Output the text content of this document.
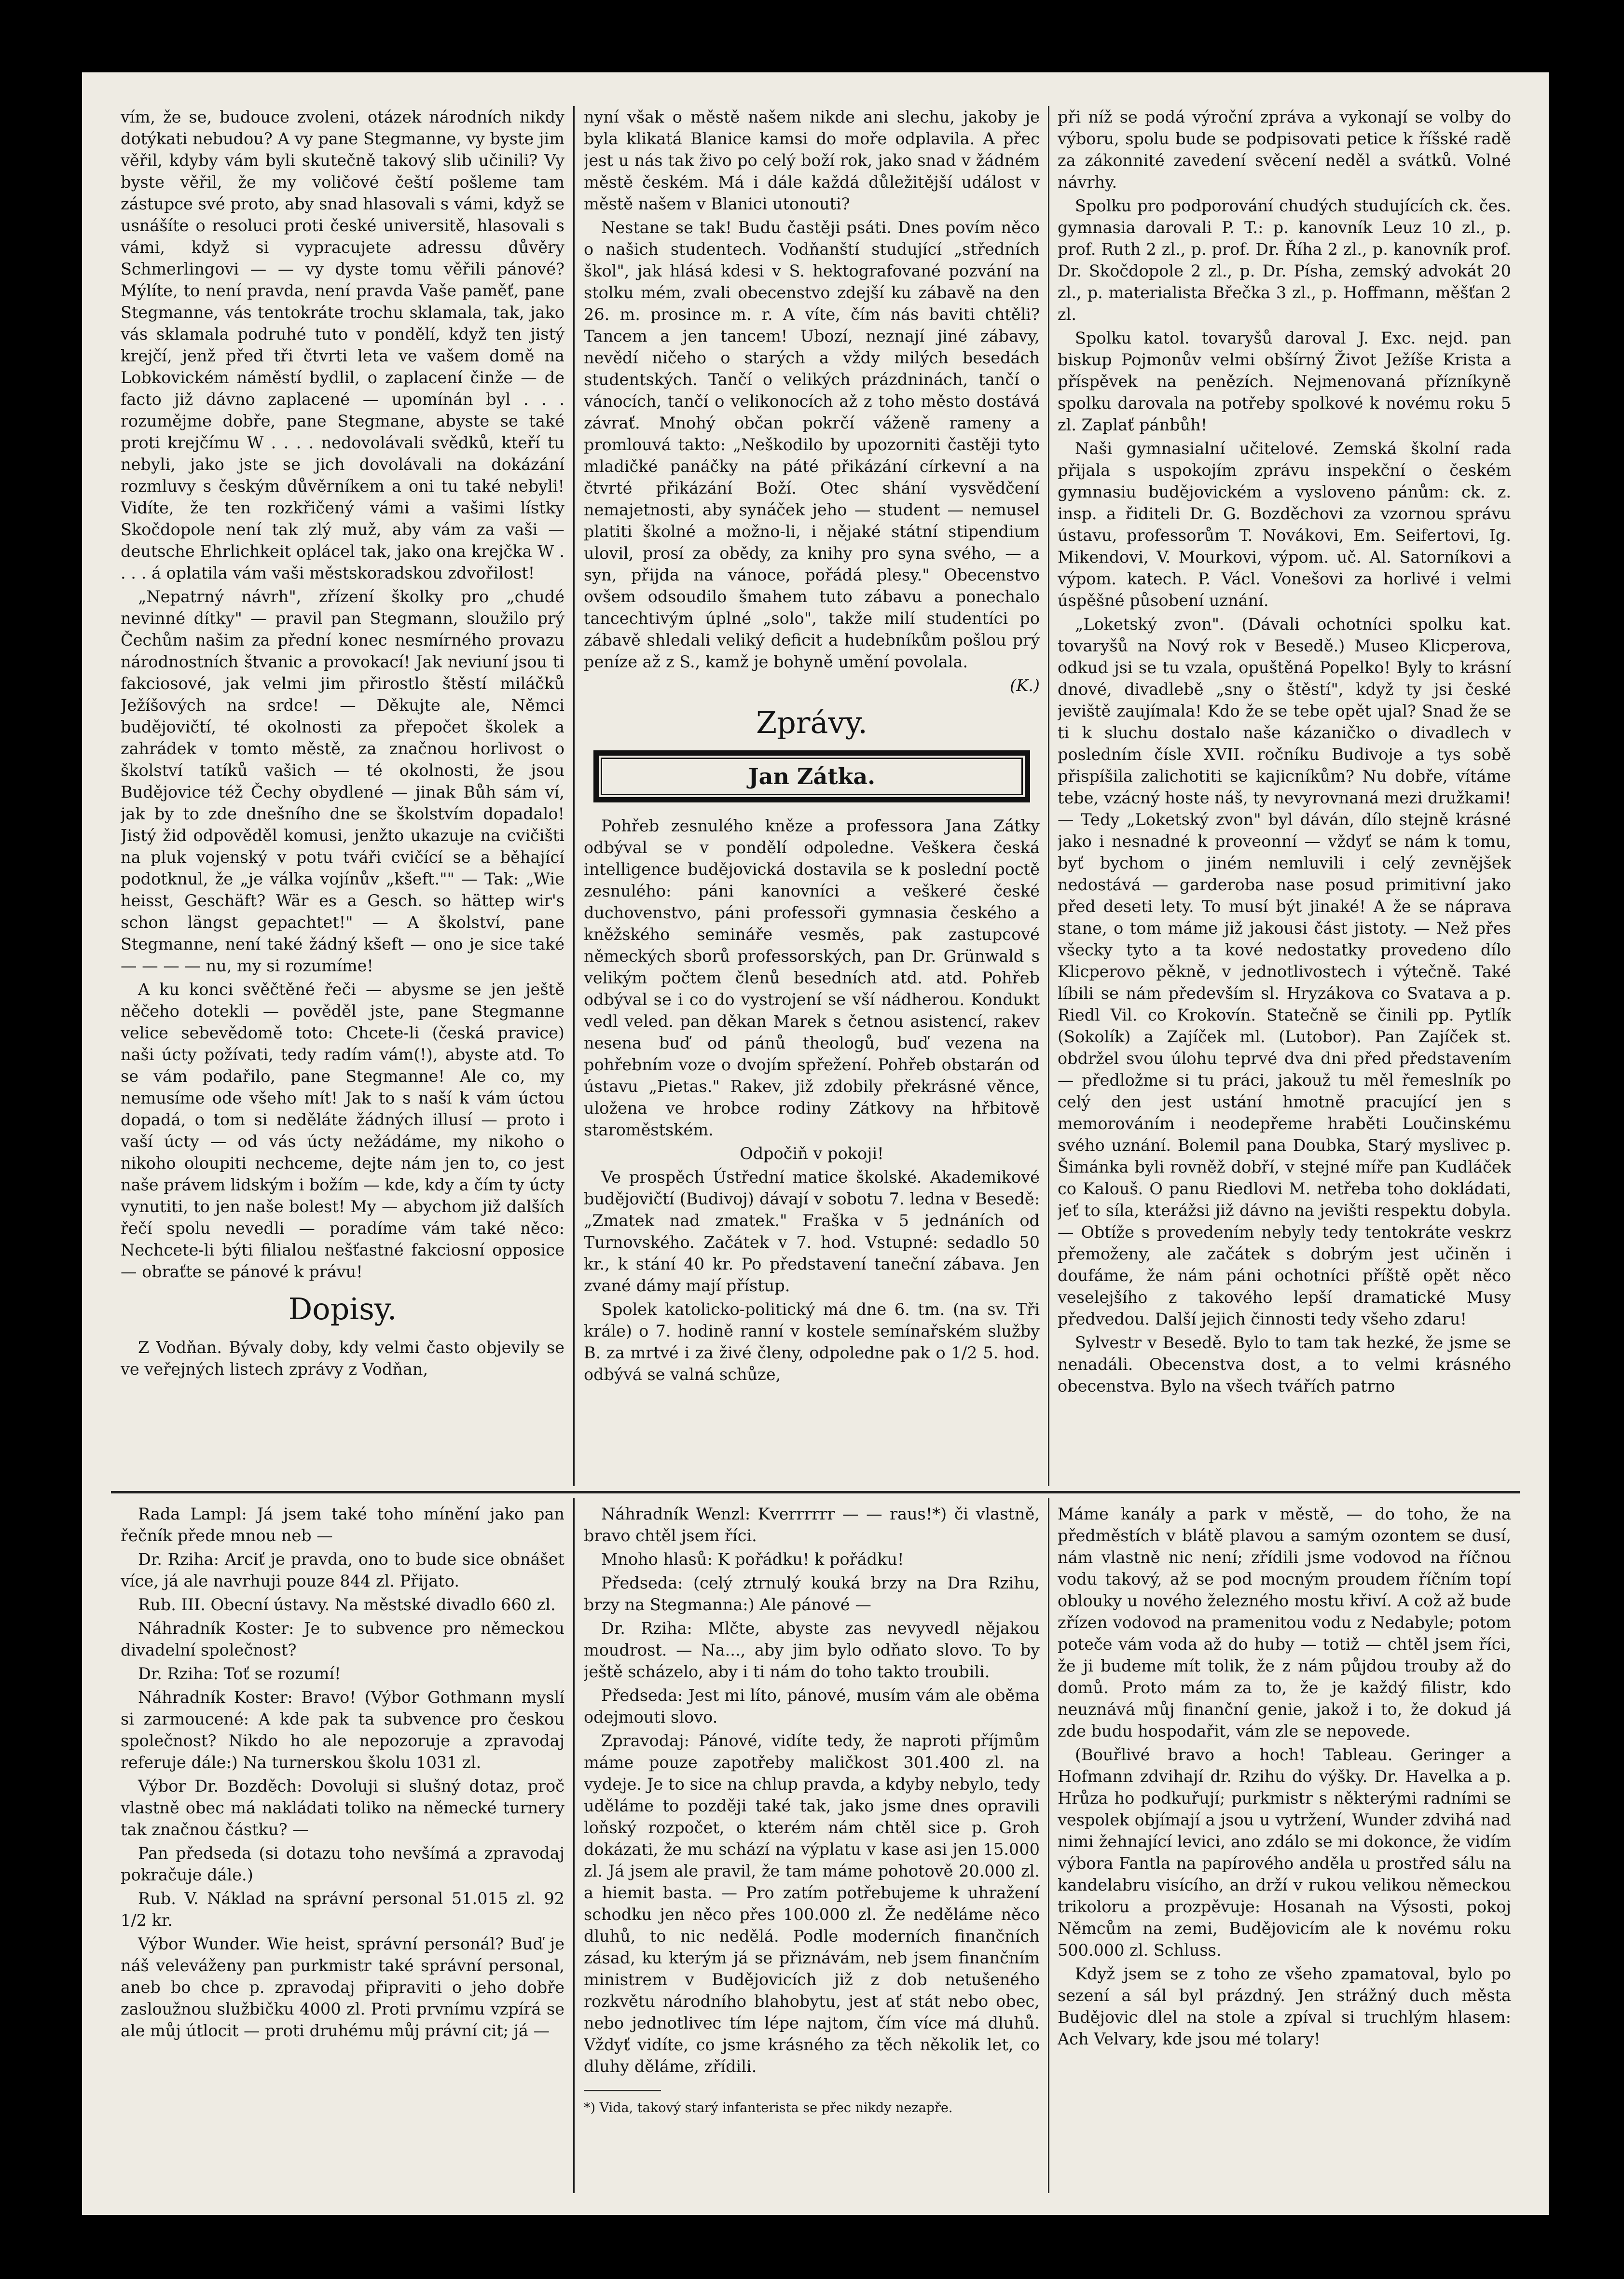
vím, že se, budouce zvoleni, otázek národních nikdy dotýkati nebudou? A vy pane Stegmanne, vy byste jim věřil, kdyby vám byli skutečně takový slib učinili? Vy byste věřil, že my voličové čeští pošleme tam zástupce své proto, aby snad hlasovali s vámi, když se usnášíte o resoluci proti české universitě, hlasovali s vámi, když si vypracujete adressu důvěry Schmerlingovi — — vy dyste tomu věřili pánové? Mýlíte, to není pravda, není pravda Vaše paměť, pane Stegmanne, vás tentokráte trochu sklamala, tak, jako vás sklamala podruhé tuto v pondělí, když ten jistý krejčí, jenž před tři čtvrti leta ve vašem domě na Lobkovickém náměstí bydlil, o zaplacení činže — de facto již dávno zaplacené — upomínán byl . . . rozumějme dobře, pane Stegmane, abyste se také proti krejčímu W . . . . nedovolávali svědků, kteří tu nebyli, jako jste se jich dovolávali na dokázání rozmluvy s českým důvěrníkem a oni tu také nebyli! Vidíte, že ten rozkřičený vámi a vašimi lístky Skočdopole není tak zlý muž, aby vám za vaši — deutsche Ehrlichkeit oplácel tak, jako ona krejčka W . . . . á oplatila vám vaši městskoradskou zdvořilost!

„Nepatrný návrh", zřízení školky pro „chudé nevinné dítky" — pravil pan Stegmann, sloužilo prý Čechům našim za přední konec nesmírného provazu národnostních štvanic a provokací! Jak neviuní jsou ti fakciosové, jak velmi jim přirostlo štěstí miláčků Ježíšových na srdce! — Děkujte ale, Němci budějovičtí, té okolnosti za přepočet školek a zahrádek v tomto městě, za značnou horlivost o školství tatíků vašich — té okolnosti, že jsou Budějovice též Čechy obydlené — jinak Bůh sám ví, jak by to zde dnešního dne se školstvím dopadalo! Jistý žid odpověděl komusi, jenžto ukazuje na cvičišti na pluk vojenský v potu tváři cvičící se a běhající podotknul, že „je válka vojínův „kšeft."" — Tak: „Wie heisst, Geschäft? Wär es a Gesch. so hättep wir's schon längst gepachtet!" — A školství, pane Stegmanne, není také žádný kšeft — ono je sice také — — — — nu, my si rozumíme!

A ku konci svěčtěné řeči — abysme se jen ještě něčeho dotekli — pověděl jste, pane Stegmanne velice sebevědomě toto: Chcete-li (česká pravice) naši úcty požívati, tedy radím vám(!), abyste atd. To se vám podařilo, pane Stegmanne! Ale co, my nemusíme ode všeho mít! Jak to s naší k vám úctou dopadá, o tom si neděláte žádných illusí — proto i vaší úcty — od vás úcty nežádáme, my nikoho o nikoho oloupiti nechceme, dejte nám jen to, co jest naše právem lidským i božím — kde, kdy a čím ty úcty vynutiti, to jen naše bolest! My — abychom již dalších řečí spolu nevedli — poradíme vám také něco: Nechcete-li býti filialou nešťastné fakciosní opposice — obraťte se pánové k právu!

Dopisy.

Z Vodňan. Bývaly doby, kdy velmi často objevily se ve veřejných listech zprávy z Vodňan,

nyní však o městě našem nikde ani slechu, jakoby je byla klikatá Blanice kamsi do moře odplavila. A přec jest u nás tak živo po celý boží rok, jako snad v žádném městě českém. Má i dále každá důležitější událost v městě našem v Blanici utonouti?

Nestane se tak! Budu častěji psáti. Dnes povím něco o našich studentech. Vodňanští studující „středních škol", jak hlásá kdesi v S. hektografované pozvání na stolku mém, zvali obecenstvo zdejší ku zábavě na den 26. m. prosince m. r. A víte, čím nás baviti chtěli? Tancem a jen tancem! Ubozí, neznají jiné zábavy, nevědí ničeho o starých a vždy milých besedách studentských. Tančí o velikých prázdninách, tančí o vánocích, tančí o velikonocích až z toho město dostává závrať. Mnohý občan pokrčí váženě rameny a promlouvá takto: „Neškodilo by upozorniti častěji tyto mladičké panáčky na páté přikázání církevní a na čtvrté přikázání Boží. Otec shání vysvědčení nemajetnosti, aby synáček jeho — student — nemusel platiti školné a možno-li, i nějaké státní stipendium ulovil, prosí za obědy, za knihy pro syna svého, — a syn, přijda na vánoce, pořádá plesy." Obecenstvo ovšem odsoudilo šmahem tuto zábavu a ponechalo tancechtivým úplné „solo", takže milí studentíci po zábavě shledali veliký deficit a hudebníkům pošlou prý peníze až z S., kamž je bohyně umění povolala.

(K.)

Zprávy.
Jan Zátka.

Pohřeb zesnulého kněze a professora Jana Zátky odbýval se v pondělí odpoledne. Veškera česká intelligence budějovická dostavila se k poslední poctě zesnulého: páni kanovníci a veškeré české duchovenstvo, páni professoři gymnasia českého a kněžského semináře vesměs, pak zastupcové německých sborů professorských, pan Dr. Grünwald s velikým počtem členů besedních atd. atd. Pohřeb odbýval se i co do vystrojení se vší nádherou. Kondukt vedl veled. pan děkan Marek s četnou asistencí, rakev nesena buď od pánů theologů, buď vezena na pohřebním voze o dvojím spřežení. Pohřeb obstarán od ústavu „Pietas." Rakev, již zdobily překrásné věnce, uložena ve hrobce rodiny Zátkovy na hřbitově staroměstském.

Odpočiň v pokoji!

Ve prospěch Ústřední matice školské. Akademikové budějovičtí (Budivoj) dávají v sobotu 7. ledna v Besedě: „Zmatek nad zmatek." Fraška v 5 jednáních od Turnovského. Začátek v 7. hod. Vstupné: sedadlo 50 kr., k stání 40 kr. Po představení taneční zábava. Jen zvané dámy mají přístup.

Spolek katolicko-politický má dne 6. tm. (na sv. Tři krále) o 7. hodině ranní v kostele semínařském služby B. za mrtvé i za živé členy, odpoledne pak o 1/2 5. hod. odbývá se valná schůze,

při níž se podá výroční zpráva a vykonají se volby do výboru, spolu bude se podpisovati petice k říšské radě za zákonnité zavedení svěcení neděl a svátků. Volné návrhy.

Spolku pro podporování chudých studujících ck. čes. gymnasia darovali P. T.: p. kanovník Leuz 10 zl., p. prof. Ruth 2 zl., p. prof. Dr. Říha 2 zl., p. kanovník prof. Dr. Skočdopole 2 zl., p. Dr. Písha, zemský advokát 20 zl., p. materialista Břečka 3 zl., p. Hoffmann, měšťan 2 zl.

Spolku katol. tovaryšů daroval J. Exc. nejd. pan biskup Pojmonův velmi obšírný Život Ježíše Krista a příspěvek na penězích. Nejmenovaná přízníkyně spolku darovala na potřeby spolkové k novému roku 5 zl. Zaplať pánbůh!

Naši gymnasialní učitelové. Zemská školní rada přijala s uspokojím zprávu inspekční o českém gymnasiu budějovickém a vysloveno pánům: ck. z. insp. a řiditeli Dr. G. Bozděchovi za vzornou správu ústavu, professorům T. Novákovi, Em. Seifertovi, Ig. Mikendovi, V. Mourkovi, výpom. uč. Al. Satorníkovi a výpom. katech. P. Václ. Vonešovi za horlivé i velmi úspěšné působení uznání.

„Loketský zvon". (Dávali ochotníci spolku kat. tovaryšů na Nový rok v Besedě.) Museo Klicperova, odkud jsi se tu vzala, opuštěná Popelko! Byly to krásní dnové, divadlebě „sny o štěstí", když ty jsi české jeviště zaujímala! Kdo že se tebe opět ujal? Snad že se ti k sluchu dostalo naše kázaničko o divadlech v posledním čísle XVII. ročníku Budivoje a tys sobě přispíšila zalichotiti se kajicníkům? Nu dobře, vítáme tebe, vzácný hoste náš, ty nevyrovnaná mezi družkami! — Tedy „Loketský zvon" byl dáván, dílo stejně krásné jako i nesnadné k proveonní — vždyť se nám k tomu, byť bychom o jiném nemluvili i celý zevnějšek nedostává — garderoba nase posud primitivní jako před deseti lety. To musí být jinaké! A že se náprava stane, o tom máme již jakousi část jistoty. — Než přes všecky tyto a ta kové nedostatky provedeno dílo Klicperovo pěkně, v jednotlivostech i výtečně. Také líbili se nám především sl. Hryzákova co Svatava a p. Riedl Vil. co Krokovín. Statečně se činili pp. Pytlík (Sokolík) a Zajíček ml. (Lutobor). Pan Zajíček st. obdržel svou úlohu teprvé dva dni před představením — předložme si tu práci, jakouž tu měl řemeslník po celý den jest ustání hmotně pracující jen s memorováním i neodepřeme hraběti Loučinskému svého uznání. Bolemil pana Doubka, Starý myslivec p. Šimánka byli rovněž dobří, v stejné míře pan Kudláček co Kalouš. O panu Riedlovi M. netřeba toho dokládati, jeť to síla, kterážsi již dávno na jevišti respektu dobyla. — Obtíže s provedením nebyly tedy tentokráte veskrz přemoženy, ale začátek s dobrým jest učiněn i doufáme, že nám páni ochotníci příště opět něco veselejšího z takového lepší dramatické Musy předvedou. Další jejich činnosti tedy všeho zdaru!

Sylvestr v Besedě. Bylo to tam tak hezké, že jsme se nenadáli. Obecenstva dost, a to velmi krásného obecenstva. Bylo na všech tvářích patrno

Rada Lampl: Já jsem také toho mínění jako pan řečník přede mnou neb —

Dr. Rziha: Arciť je pravda, ono to bude sice obnášet více, já ale navrhuji pouze 844 zl. Přijato.

Rub. III. Obecní ústavy. Na městské divadlo 660 zl.

Náhradník Koster: Je to subvence pro německou divadelní společnost?

Dr. Rziha: Toť se rozumí!

Náhradník Koster: Bravo! (Výbor Gothmann myslí si zarmoucené: A kde pak ta subvence pro českou společnost? Nikdo ho ale nepozoruje a zpravodaj referuje dále:) Na turnerskou školu 1031 zl.

Výbor Dr. Bozděch: Dovoluji si slušný dotaz, proč vlastně obec má nakládati toliko na německé turnery tak značnou částku? —

Pan předseda (si dotazu toho nevšímá a zpravodaj pokračuje dále.)

Rub. V. Náklad na správní personal 51.015 zl. 92 1/2 kr.

Výbor Wunder. Wie heist, správní personál? Buď je náš veleváženy pan purkmistr také správní personal, aneb bo chce p. zpravodaj připraviti o jeho dobře zasloužnou službičku 4000 zl. Proti prvnímu vzpírá se ale můj útlocit — proti druhému můj právní cit; já —

Náhradník Wenzl: Kverrrrrr — — raus!*) či vlastně, bravo chtěl jsem říci.

Mnoho hlasů: K pořádku! k pořádku!

Předseda: (celý ztrnulý kouká brzy na Dra Rzihu, brzy na Stegmanna:) Ale pánové —

Dr. Rziha: Mlčte, abyste zas nevyvedl nějakou moudrost. — Na..., aby jim bylo odňato slovo. To by ještě scházelo, aby i ti nám do toho takto troubili.

Předseda: Jest mi líto, pánové, musím vám ale oběma odejmouti slovo.

Zpravodaj: Pánové, vidíte tedy, že naproti příjmům máme pouze zapotřeby maličkost 301.400 zl. na vydeje. Je to sice na chlup pravda, a kdyby nebylo, tedy uděláme to později také tak, jako jsme dnes opravili loňský rozpočet, o kterém nám chtěl sice p. Groh dokázati, že mu schází na výplatu v kase asi jen 15.000 zl. Já jsem ale pravil, že tam máme pohotově 20.000 zl. a hiemit basta. — Pro zatím potřebujeme k uhražení schodku jen něco přes 100.000 zl. Že neděláme něco dluhů, to nic nedělá. Podle moderních finančních zásad, ku kterým já se přiznávám, neb jsem finančním ministrem v Budějovicích již z dob netušeného rozkvětu národního blahobytu, jest ať stát nebo obec, nebo jednotlivec tím lépe najtom, čím více má dluhů. Vždyť vidíte, co jsme krásného za těch několik let, co dluhy děláme, zřídili.

*) Vida, takový starý infanterista se přec nikdy nezapře.

Máme kanály a park v městě, — do toho, že na předměstích v blátě plavou a samým ozontem se dusí, nám vlastně nic není; zřídili jsme vodovod na říčnou vodu takový, až se pod mocným proudem říčním topí oblouky u nového železného mostu křiví. A což až bude zřízen vodovod na pramenitou vodu z Nedabyle; potom poteče vám voda až do huby — totiž — chtěl jsem říci, že ji budeme mít tolik, že z nám půjdou trouby až do domů. Proto mám za to, že je každý filistr, kdo neuznává můj finanční genie, jakož i to, že dokud já zde budu hospodařit, vám zle se nepovede.

(Bouřlivé bravo a hoch! Tableau. Geringer a Hofmann zdvihají dr. Rzihu do výšky. Dr. Havelka a p. Hrůza ho podkuřují; purkmistr s některými radními se vespolek objímají a jsou u vytržení, Wunder zdvihá nad nimi žehnající levici, ano zdálo se mi dokonce, že vidím výbora Fantla na papírového anděla u prostřed sálu na kandelabru visícího, an drží v rukou velikou německou trikoloru a prozpěvuje: Hosanah na Výsosti, pokoj Němcům na zemi, Budějovicím ale k novému roku 500.000 zl. Schluss.

Když jsem se z toho ze všeho zpamatoval, bylo po sezení a sál byl prázdný. Jen strážný duch města Budějovic dlel na stole a zpíval si truchlým hlasem: Ach Velvary, kde jsou mé tolary!
